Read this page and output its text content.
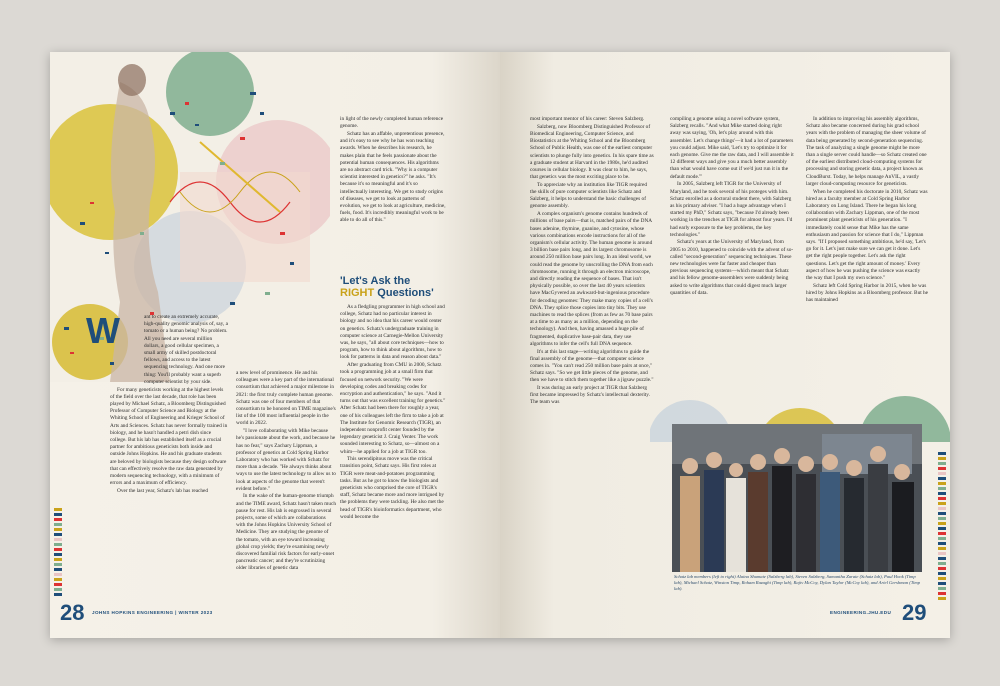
W	ant to create an extremely accurate, high-quality genomic analysis of, say, a tomato or a human being? No problem. All you need are several million dollars, a good cellular specimen, a small army of skilled postdoctoral fellows, and access to the latest sequencing technology. And one more thing: You'll probably want a superb computer scientist by your side.

For many geneticists working at the highest levels of the field over the last decade, that role has been played by Michael Schatz, a Bloomberg Distinguished Professor of Computer Science and Biology at the Whiting School of Engineering and Krieger School of Arts and Sciences. Schatz has never formally trained in biology, and he hasn't handled a petri dish since college. But his lab has established itself as a crucial partner for ambitious geneticists both inside and outside Johns Hopkins. He and his graduate students are beloved by biologists because they design software that can effectively resolve the raw data generated by modern sequencing technology, with a minimum of errors and a maximum of efficiency.

Over the last year, Schatz's lab has reached

a new level of prominence. He and his colleagues were a key part of the international consortium that achieved a major milestone in 2021: the first truly complete human genome. Schatz was one of four members of that consortium to be honored on TIME magazine's list of the 100 most influential people in the world in 2022.

"I love collaborating with Mike because he's passionate about the work, and because he has no fear," says Zachary Lippman, a professor of genetics at Cold Spring Harbor Laboratory who has worked with Schatz for more than a decade. "He always thinks about ways to use the latest technology to allow us to look at aspects of the genome that weren't evident before."

In the wake of the human-genome triumph and the TIME award, Schatz hasn't taken much pause for rest. His lab is engrossed in several projects, some of which are collaborations with the Johns Hopkins University School of Medicine. They are studying the genome of the tomato, with an eye toward increasing global crop yields; they're examining newly discovered familial risk factors for early-onset pancreatic cancer; and they're scrutinizing older libraries of genetic data

in light of the newly completed human reference genome.

Schatz has an affable, unpretentious presence, and it's easy to see why he has won teaching awards. When he describes his research, he makes plain that he feels passionate about the potential human consequences. His algorithms are no abstract card trick. "Why is a computer scientist interested in genetics?" he asks. "It's because it's so meaningful and it's so intellectually interesting. We get to study origins of diseases, we get to look at patterns of evolution, we get to look at agriculture, medicine, fuels, food. It's incredibly meaningful work to be able to do all of this."

'Let's Ask the
RIGHT Questions'

As a fledgling programmer in high school and college, Schatz had no particular interest in biology and no idea that his career would center on genetics. Schatz's undergraduate training in computer science at Carnegie-Mellon University was, he says, "all about core techniques—how to program, how to think about algorithms, how to look for patterns in data and reason about data."

After graduating from CMU in 2000, Schatz took a programming job at a small firm that focused on network security. "We were developing codes and breaking codes for encryption and authentication," he says. "And it turns out that was excellent training for genetics." After Schatz had been there for roughly a year, one of his colleagues left the firm to take a job at The Institute for Genomic Research (TIGR), an independent nonprofit center founded by the legendary geneticist J. Craig Venter. The work sounded interesting to Schatz, so—almost on a whim—he applied for a job at TIGR too.

This serendipitous move was the critical transition point, Schatz says. His first roles at TIGR were meat-and-potatoes programming tasks. But as he got to know the biologists and geneticists who comprised the core of TIGR's staff, Schatz became more and more intrigued by the problems they were tackling. He also met the head of TIGR's bioinformatics department, who would become the

28 JOHNS HOPKINS ENGINEERING | WINTER 2023

most important mentor of his career: Steven Salzberg.

Salzberg, now Bloomberg Distinguished Professor of Biomedical Engineering, Computer Science, and Biostatistics at the Whiting School and the Bloomberg School of Public Health, was one of the earliest computer scientists to plunge fully into genetics. In his spare time as a graduate student at Harvard in the 1980s, he'd audited courses in cellular biology. It was clear to him, he says, that genetics was the most exciting place to be.

To appreciate why an institution like TIGR required the skills of pure computer scientists like Schatz and Salzberg, it helps to understand the basic challenges of genome assembly.

A complex organism's genome contains hundreds of millions of base pairs—that is, matched pairs of the DNA bases adenine, thymine, guanine, and cytosine, whose various combinations encode instructions for all of the organism's cellular activity. The human genome is around 3 billion base pairs long, and its largest chromosome is around 250 million base pairs long. In an ideal world, we could read the genome by unscrolling the DNA from each chromosome, running it through an electron microscope, and directly reading the sequence of bases. That isn't physically possible, so over the last 40 years scientists have MacGyvered an awkward-but-ingenious procedure for decoding genomes: They make many copies of a cell's DNA. They splice those copies into tiny bits. They use machines to read the splices (from as few as 70 base pairs at a time to as many as a million, depending on the technology). And then, having amassed a huge pile of fragmented, duplicative base-pair data, they use algorithms to infer the cell's full DNA sequence.

It's at this last stage—writing algorithms to guide the final assembly of the genome—that computer science comes in. "You can't read 250 million base pairs at once," Schatz says. "So we get little pieces of the genome, and then we have to stitch them together like a jigsaw puzzle."

It was during an early project at TIGR that Salzberg first became impressed by Schatz's intellectual dexterity. The team was

compiling a genome using a novel software system, Salzberg recalls. "And what Mike started doing right away was saying, 'Oh, let's play around with this assembler. Let's change things'—it had a lot of parameters you could adjust. Mike said, 'Let's try to optimize it for each genome. Give me the raw data, and I will assemble it 12 different ways and give you a much better assembly than what would have come out if we'd just run it in the default mode.'"

In 2005, Salzberg left TIGR for the University of Maryland, and he took several of his proteges with him. Schatz enrolled as a doctoral student there, with Salzberg as his primary adviser. "I had a huge advantage when I started my PhD," Schatz says, "because I'd already been working in the trenches at TIGR for almost four years. I'd had early exposure to the key problems, the key technologies."

Schatz's years at the University of Maryland, from 2005 to 2010, happened to coincide with the advent of so-called "second-generation" sequencing techniques. These new technologies were far faster and cheaper than previous sequencing systems—which meant that Schatz and his fellow genome-assemblers were suddenly being asked to write algorithms that could digest much larger quantities of data.

In addition to improving his assembly algorithms, Schatz also became concerned during his grad school years with the problem of managing the sheer volume of data being generated by second-generation sequencing. The task of analyzing a single genome might be more than a single server could handle—so Schatz created one of the earliest distributed cloud-computing systems for processing and storing genetic data, a project known as CloudBurst. Today, he helps manage AnVIL, a vastly larger cloud-computing resource for geneticists.

When he completed his doctorate in 2010, Schatz was hired as a faculty member at Cold Spring Harbor Laboratory on Long Island. There he began his long collaboration with Zachary Lippman, one of the most prominent plant geneticists of his generation. "I immediately could sense that Mike has the same enthusiasm and passion for science that I do," Lippman says. "If I proposed something ambitious, he'd say, 'Let's go for it. Let's just make sure we can get it done. Let's get the right people together. Let's ask the right questions. Let's get the right amount of money.' Every aspect of how he was pushing the science was exactly the way that I push my own science."

Schatz left Cold Spring Harbor in 2015, when he was hired by Johns Hopkins as a Bloomberg professor. But he has maintained

Schatz lab members (left to right) Alaina Shumate (Salzberg lab), Steven Salzberg, Samantha Zarate (Schatz lab), Paul Hook (Timp lab), Michael Schatz, Winston Timp, Roham Razaghi (Timp lab), Rajiv McCoy, Dylan Taylor (McCoy lab), and Ariel Gershman (Timp lab).
ENGINEERING.JHU.EDU 29
